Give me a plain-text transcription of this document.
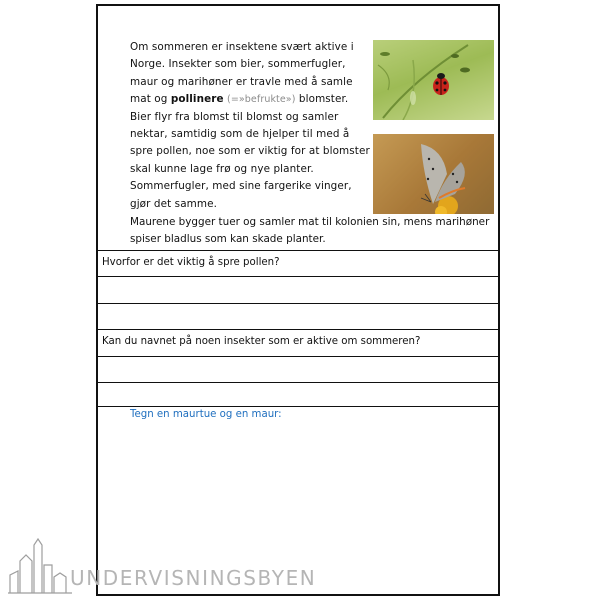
Om sommeren er insektene svært aktive i Norge. Insekter som bier, sommerfugler, maur og marihøner er travle med å samle mat og pollinere (=»befrukte») blomster. Bier flyr fra blomst til blomst og samler nektar, samtidig som de hjelper til med å spre pollen, noe som er viktig for at blomster skal kunne lage frø og nye planter. Sommerfugler, med sine fargerike vinger, gjør det samme.

Maurene bygger tuer og samler mat til kolonien sin, mens marihøner spiser bladlus som kan skade planter.

Hvorfor er det viktig å spre pollen?
Kan du navnet på noen insekter som er aktive om sommeren?
Tegn en maurtue og en maur:
UNDERVISNINGSBYEN
